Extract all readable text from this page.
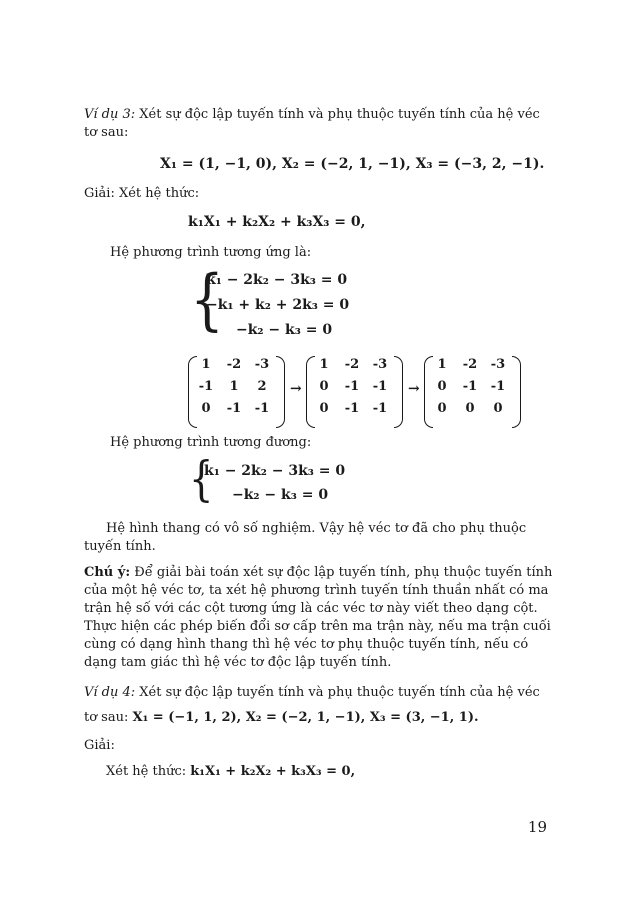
Ví dụ 3: Xét sự độc lập tuyến tính và phụ thuộc tuyến tính của hệ véc
tơ sau:
X₁ = (1, −1, 0), X₂ = (−2, 1, −1), X₃ = (−3, 2, −1).
Giải: Xét hệ thức:
k₁X₁ + k₂X₂ + k₃X₃ = 0,
Hệ phương trình tương ứng là:
{
k₁ − 2k₂ − 3k₃ = 0
−k₁ + k₂ + 2k₃ = 0
−k₂ − k₃ = 0
1	-2	-3
-1	1	2
0	-1	-1
→
1	-2	-3
0	-1	-1
0	-1	-1
→
1	-2	-3
0	-1	-1
0	0	0
Hệ phương trình tương đương:
{
k₁ − 2k₂ − 3k₃ = 0
−k₂ − k₃ = 0
Hệ hình thang có vô số nghiệm. Vậy hệ véc tơ đã cho phụ thuộc
tuyến tính.
Chú ý: Để giải bài toán xét sự độc lập tuyến tính, phụ thuộc tuyến tính
của một hệ véc tơ, ta xét hệ phương trình tuyến tính thuần nhất có ma
trận hệ số với các cột tương ứng là các véc tơ này viết theo dạng cột.
Thực hiện các phép biến đổi sơ cấp trên ma trận này, nếu ma trận cuối
cùng có dạng hình thang thì hệ véc tơ phụ thuộc tuyến tính, nếu có
dạng tam giác thì hệ véc tơ độc lập tuyến tính.
Ví dụ 4: Xét sự độc lập tuyến tính và phụ thuộc tuyến tính của hệ véc
tơ sau: X₁ = (−1, 1, 2), X₂ = (−2, 1, −1), X₃ = (3, −1, 1).
Giải:
Xét hệ thức: k₁X₁ + k₂X₂ + k₃X₃ = 0,
19
